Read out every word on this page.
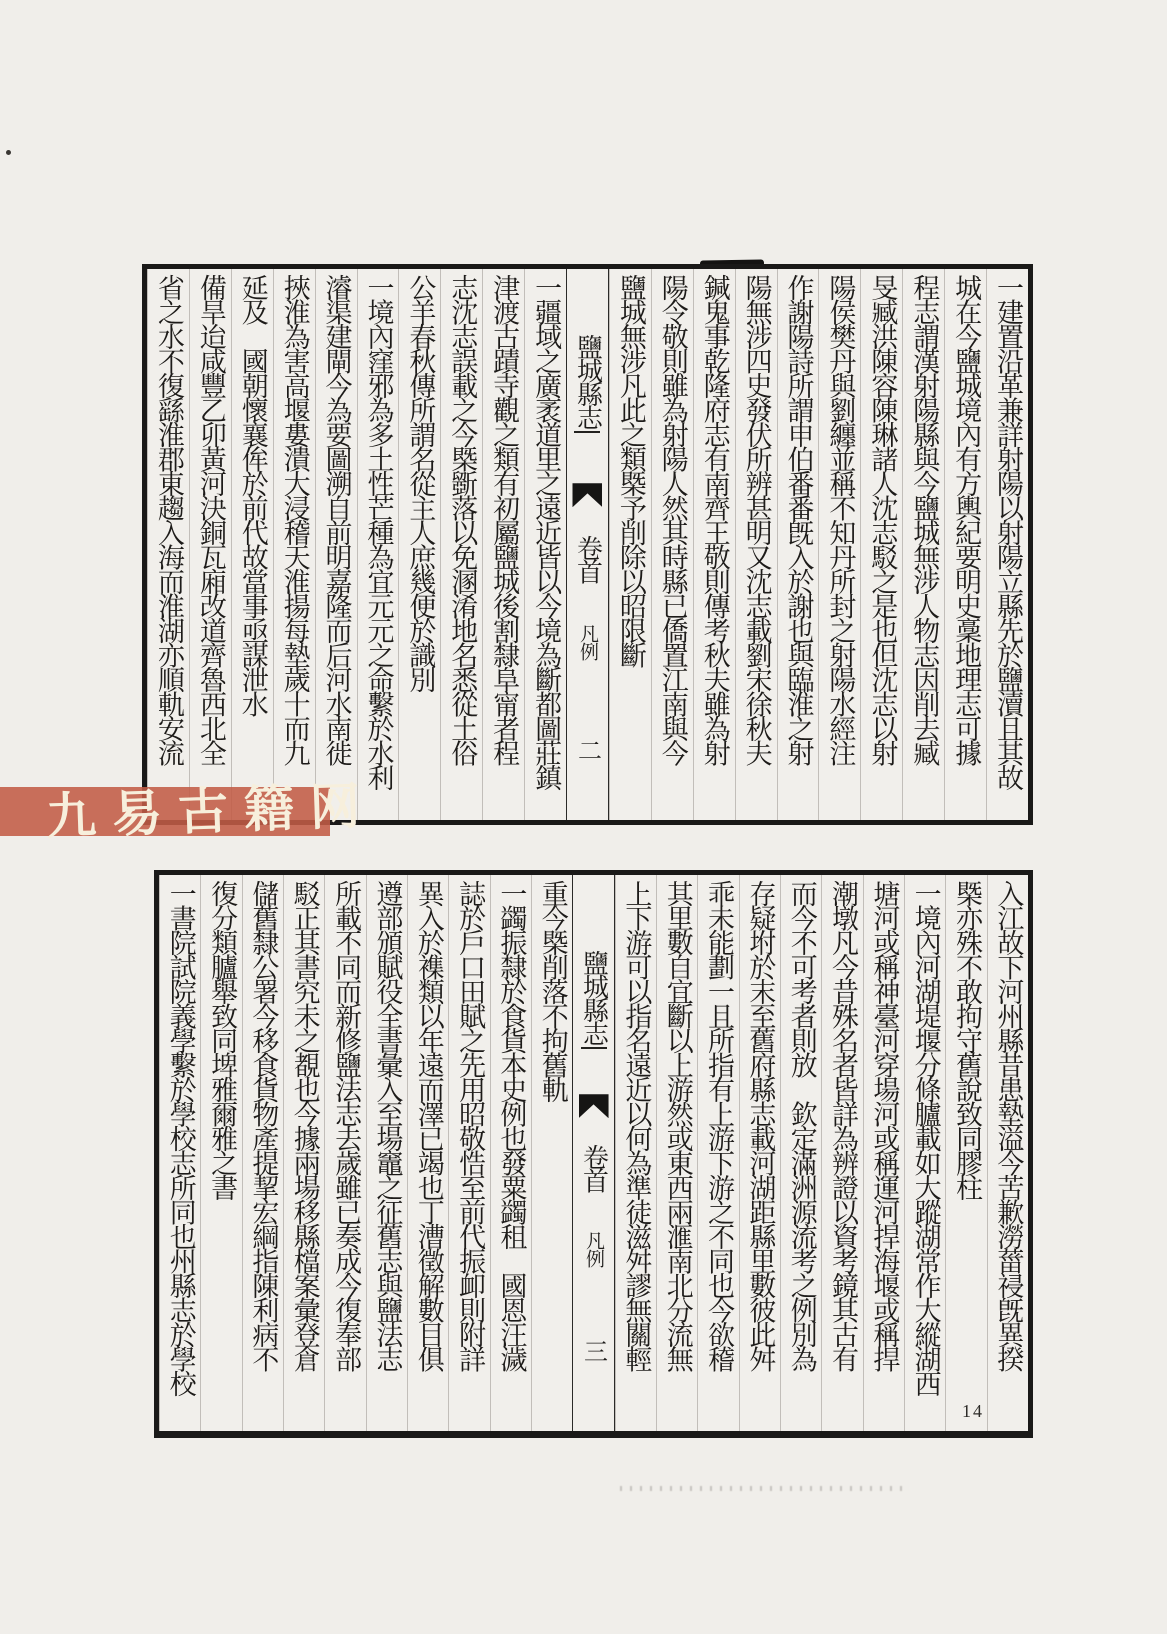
一建置沿革兼詳射陽以射陽立縣先於鹽瀆且其故
城在今鹽城境內有方輿紀要明史稾地理志可據
程志謂漢射陽縣與今鹽城無涉人物志因削去臧
旻臧洪陳容陳琳諸人沈志駁之是也但沈志以射
陽侯樊丹與劉纏並稱不知丹所封之射陽水經注
作謝陽詩所謂申伯番番旣入於謝也與臨淮之射
陽無涉四史發伏所辨甚明又沈志載劉宋徐秋夫
鍼鬼事乾隆府志有南齊王敬則傳考秋夫雖為射
陽令敬則雖為射陽人然其時縣已僑置江南與今
鹽城無涉凡此之類槩予削除以昭限斷
鹽城縣志
卷首
凡例
二
一疆域之廣袤道里之遠近皆以今境為斷都圖莊鎮
津渡古蹟寺觀之類有初屬鹽城後割隸阜甯者程
志沈志誤載之今槩斵落以免溷淆地名悉從土俗
公羊春秋傳所謂名從主人庶幾便於識別
一境內窪邪為多土性芒種為宜元元之命繫於水利
濬渠建閘今為要圖溯自前明嘉隆而后河水南徙
挾淮為害高堰婁潰大浸稽天淮揚每墊歲十而九
延及　國朝懷襄侔於前代故當事亟謀泄水
備旱迨咸豐乙卯黃河決銅瓦廂改道齊魯西北全
省之水不復繇淮郡東趨入海而淮湖亦順軌安流
入江故下河州縣昔患墊溢今苦歉澇葘祲旣異揆
槩亦殊不敢拘守舊說致同膠柱
一境內河湖堤堰分條臚載如大蹤湖常作大縱湖西
塘河或稱神臺河穿場河或稱運河捍海堰或稱捍
潮墩凡今昔殊名者皆詳為辨證以資考鏡其古有
而今不可考者則放　欽定滿洲源流考之例別為
存疑坿於末至舊府縣志載河湖距縣里數彼此舛
乖未能劃一且所指有上游下游之不同也今欲稽
其里數自宜斷以上游然或東西兩滙南北分流無
上下游可以指名遠近以何為準徒滋舛謬無關輕
鹽城縣志
卷首
凡例
三
重今槩削落不拘舊軌
一蠲振隸於食貨本史例也發粟蠲租　國恩汪濊
誌於戶口田賦之先用昭敬悎至前代振卹則附詳
異入於襍類以年遠而澤已竭也丁漕徵解數目俱
遵部頒賦役全書彙入至場竈之征舊志與鹽法志
所載不同而新修鹽法志去歲雖已奏成今復奉部
駁正其書究未之覩也今據兩場移縣檔案彙登倉
儲舊隸公署今移食貨物產提挈宏綱指陳利病不
復分類臚舉致同埤雅爾雅之書
一書院試院義學繫於學校志所同也州縣志於學校
九易古籍网
14
